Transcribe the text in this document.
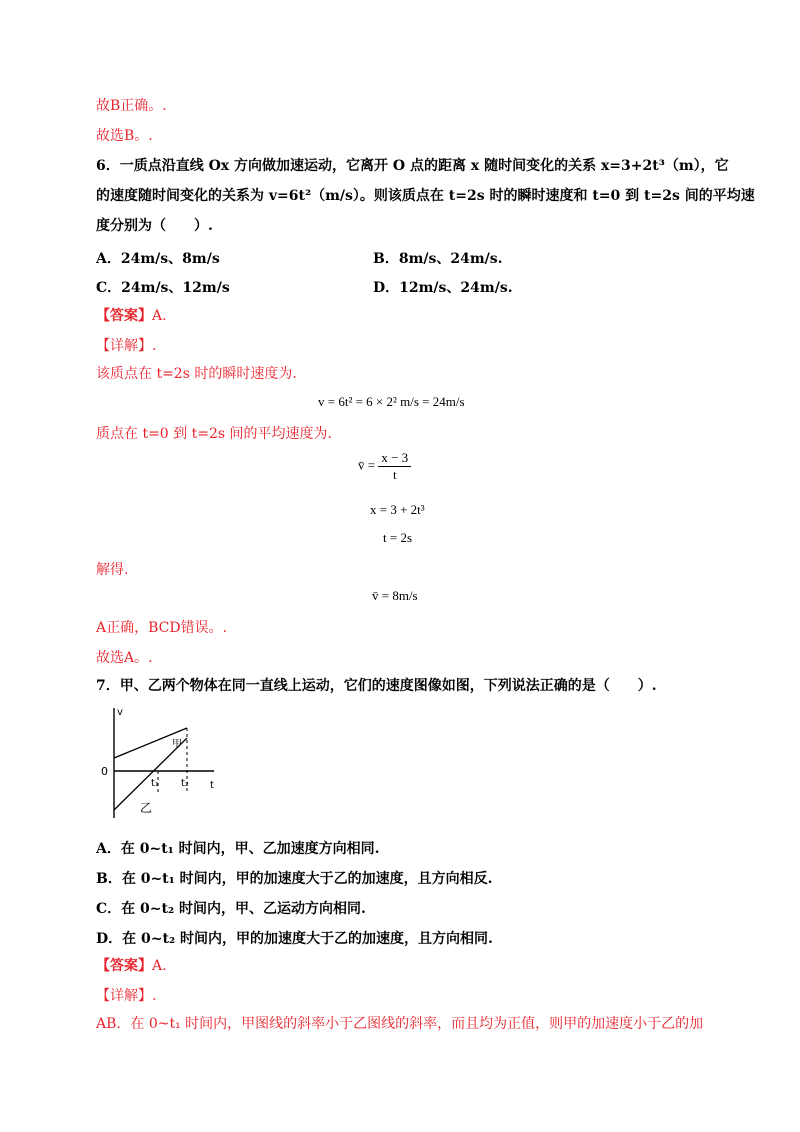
故B正确。.
故选B。.
6．一质点沿直线 Ox 方向做加速运动，它离开 O 点的距离 x 随时间变化的关系 x=3+2t³（m），它
的速度随时间变化的关系为 v=6t²（m/s）。则该质点在 t=2s 时的瞬时速度和 t=0 到 t=2s 间的平均速
度分别为（　　）.
A．24m/s、8m/s	B．8m/s、24m/s.
C．24m/s、12m/s	D．12m/s、24m/s.
【答案】A.
【详解】.
该质点在 t=2s 时的瞬时速度为.
v = 6t² = 6 × 2² m/s = 24m/s
质点在 t=0 到 t=2s 间的平均速度为.
v̄ = $\frac{x - 3}{t}$
x = 3 + 2t³
t = 2s
解得.
v̄ = 8m/s
A正确，BCD错误。.
故选A。.
7．甲、乙两个物体在同一直线上运动，它们的速度图像如图，下列说法正确的是（　　）.
v
t
0
甲
乙
t₁ t₂
A．在 0~t₁ 时间内，甲、乙加速度方向相同.
B．在 0~t₁ 时间内，甲的加速度大于乙的加速度，且方向相反.
C．在 0~t₂ 时间内，甲、乙运动方向相同.
D．在 0~t₂ 时间内，甲的加速度大于乙的加速度，且方向相同.
【答案】A.
【详解】.
AB．在 0~t₁ 时间内，甲图线的斜率小于乙图线的斜率，而且均为正值，则甲的加速度小于乙的加
